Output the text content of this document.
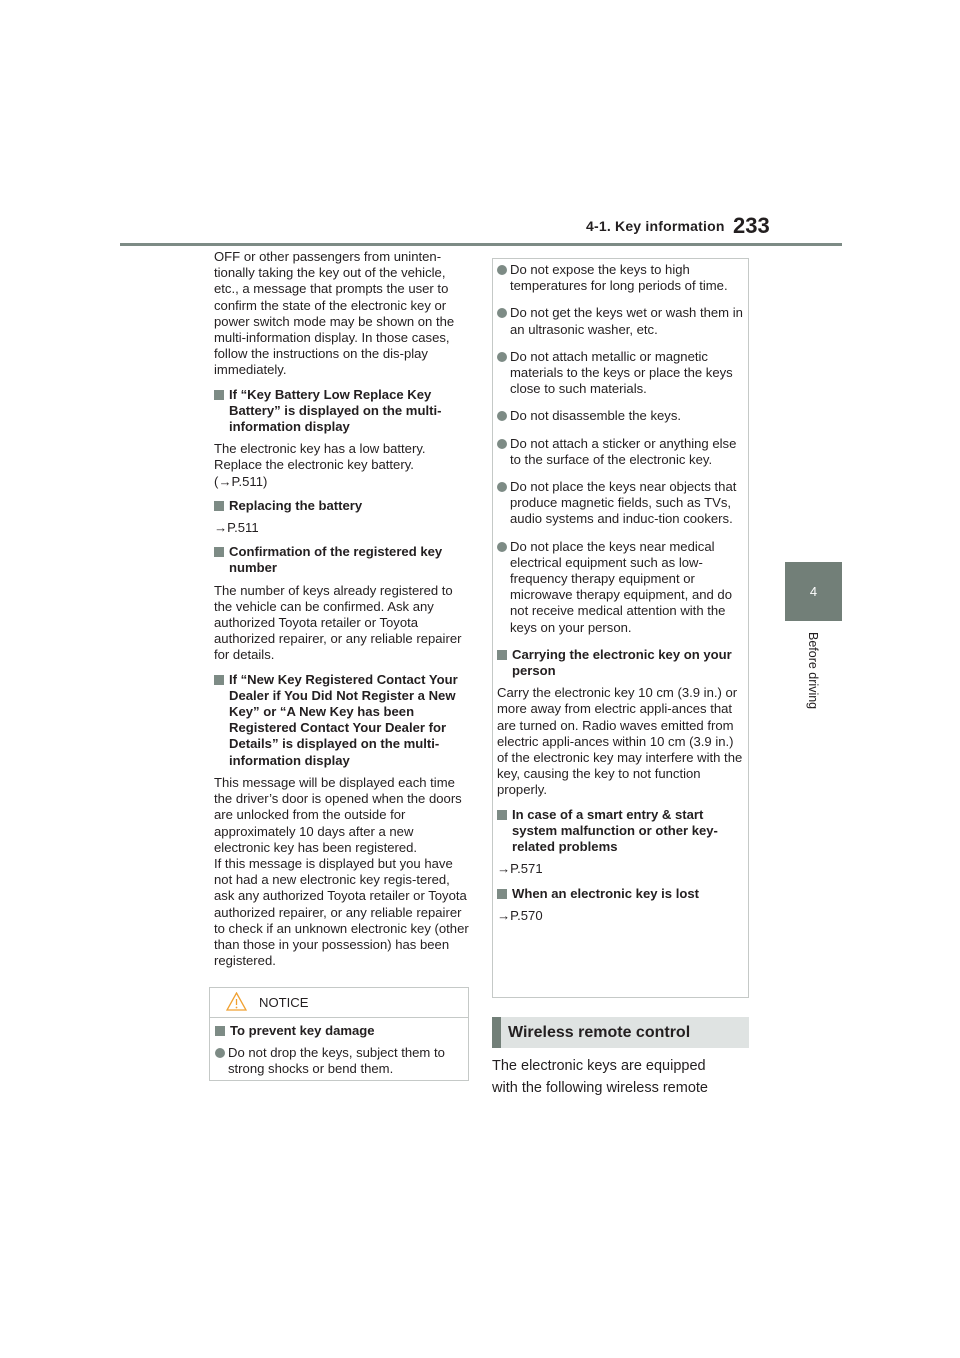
4-1. Key information 233
4
Before driving

OFF or other passengers from uninten-tionally taking the key out of the vehicle, etc., a message that prompts the user to confirm the state of the electronic key or power switch mode may be shown on the multi-information display. In those cases, follow the instructions on the dis-play immediately.

If “Key Battery Low Replace Key Battery” is displayed on the multi-information display

The electronic key has a low battery. Replace the electronic key battery. (→P.511)

Replacing the battery

→P.511

Confirmation of the registered key number

The number of keys already registered to the vehicle can be confirmed. Ask any authorized Toyota retailer or Toyota authorized repairer, or any reliable repairer for details.

If “New Key Registered Contact Your Dealer if You Did Not Register a New Key” or “A New Key has been Registered Contact Your Dealer for Details” is displayed on the multi-information display

This message will be displayed each time the driver’s door is opened when the doors are unlocked from the outside for approximately 10 days after a new electronic key has been registered.

If this message is displayed but you have not had a new electronic key regis-tered, ask any authorized Toyota retailer or Toyota authorized repairer, or any reliable repairer to check if an unknown electronic key (other than those in your possession) has been registered.

NOTICE
To prevent key damage
Do not drop the keys, subject them to strong shocks or bend them.
Do not expose the keys to high temperatures for long periods of time.
Do not get the keys wet or wash them in an ultrasonic washer, etc.
Do not attach metallic or magnetic materials to the keys or place the keys close to such materials.
Do not disassemble the keys.
Do not attach a sticker or anything else to the surface of the electronic key.
Do not place the keys near objects that produce magnetic fields, such as TVs, audio systems and induc-tion cookers.
Do not place the keys near medical electrical equipment such as low-frequency therapy equipment or microwave therapy equipment, and do not receive medical attention with the keys on your person.
Carrying the electronic key on your person

Carry the electronic key 10 cm (3.9 in.) or more away from electric appli-ances that are turned on. Radio waves emitted from electric appli-ances within 10 cm (3.9 in.) of the electronic key may interfere with the key, causing the key to not function properly.

In case of a smart entry & start system malfunction or other key-related problems

→P.571

When an electronic key is lost

→P.570

Wireless remote control

The electronic keys are equipped

with the following wireless remote
